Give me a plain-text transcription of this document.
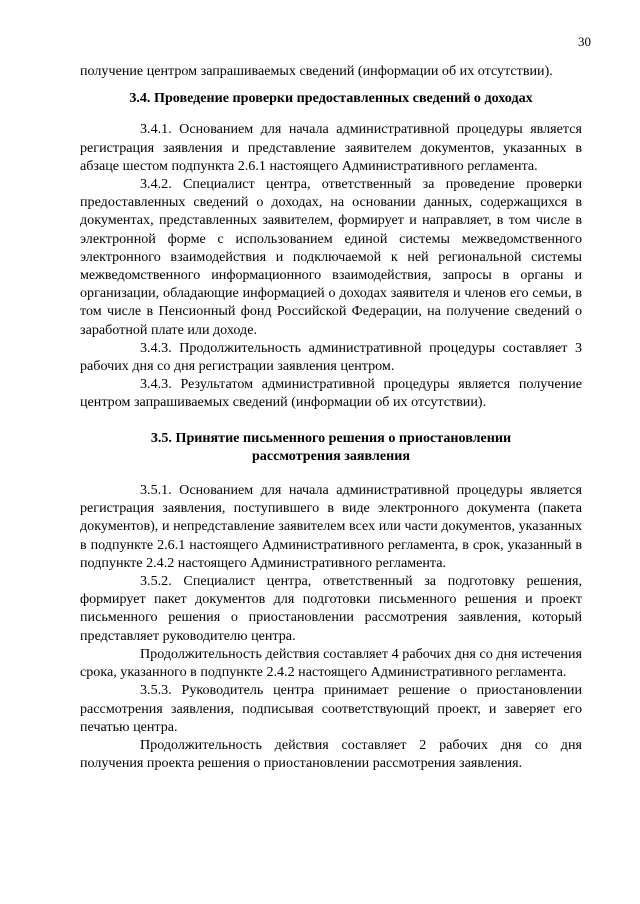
30

получение центром запрашиваемых сведений (информации об их отсутствии).

3.4. Проведение проверки предоставленных сведений о доходах

3.4.1. Основанием для начала административной процедуры является регистрация заявления и представление заявителем документов, указанных в абзаце шестом подпункта 2.6.1 настоящего Административного регламента.

3.4.2. Специалист центра, ответственный за проведение проверки предоставленных сведений о доходах, на основании данных, содержащихся в документах, представленных заявителем, формирует и направляет, в том числе в электронной форме с использованием единой системы межведомственного электронного взаимодействия и подключаемой к ней региональной системы межведомственного информационного взаимодействия, запросы в органы и организации, обладающие информацией о доходах заявителя и членов его семьи, в том числе в Пенсионный фонд Российской Федерации, на получение сведений о заработной плате или доходе.

3.4.3. Продолжительность административной процедуры составляет 3 рабочих дня со дня регистрации заявления центром.

3.4.3. Результатом административной процедуры является получение центром запрашиваемых сведений (информации об их отсутствии).

3.5. Принятие письменного решения о приостановлении
рассмотрения заявления

3.5.1. Основанием для начала административной процедуры является регистрация заявления, поступившего в виде электронного документа (пакета документов), и непредставление заявителем всех или части документов, указанных в подпункте 2.6.1 настоящего Административного регламента, в срок, указанный в подпункте 2.4.2 настоящего Административного регламента.

3.5.2. Специалист центра, ответственный за подготовку решения, формирует пакет документов для подготовки письменного решения и проект письменного решения о приостановлении рассмотрения заявления, который представляет руководителю центра.

Продолжительность действия составляет 4 рабочих дня со дня истечения срока, указанного в подпункте 2.4.2 настоящего Административного регламента.

3.5.3. Руководитель центра принимает решение о приостановлении рассмотрения заявления, подписывая соответствующий проект, и заверяет его печатью центра.

Продолжительность действия составляет 2 рабочих дня со дня получения проекта решения о приостановлении рассмотрения заявления.
